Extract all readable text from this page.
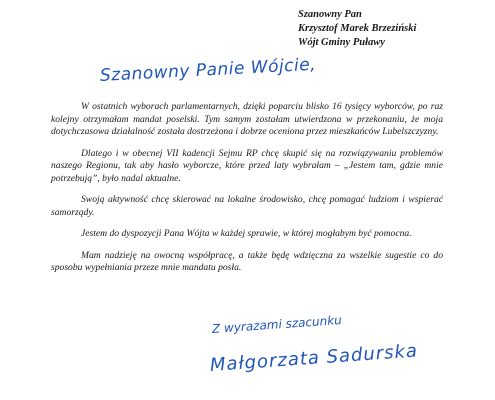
Szanowny Pan
Krzysztof Marek Brzeziński
Wójt Gminy Puławy
Szanowny Panie Wójcie,

W ostatnich wyborach parlamentarnych, dzięki poparciu blisko 16 tysięcy wyborców, po raz kolejny otrzymałam mandat poselski. Tym samym zostałam utwierdzona w przekonaniu, że moja dotychczasowa działalność została dostrzeżona i dobrze oceniona przez mieszkańców Lubelszczyzny.

Dlatego i w obecnej VII kadencji Sejmu RP chcę skupić się na rozwiązywaniu problemów naszego Regionu, tak aby hasło wyborcze, które przed laty wybrałam – „Jestem tam, gdzie mnie potrzebują”, było nadal aktualne.

Swoją aktywność chcę skierować na lokalne środowisko, chcę pomagać ludziom i wspierać samorządy.

Jestem do dyspozycji Pana Wójta w każdej sprawie, w której mogłabym być pomocna.

Mam nadzieję na owocną współpracę, a także będę wdzięczna za wszelkie sugestie co do sposobu wypełniania przeze mnie mandatu posła.

Z wyrazami szacunku
Małgorzata Sadurska
